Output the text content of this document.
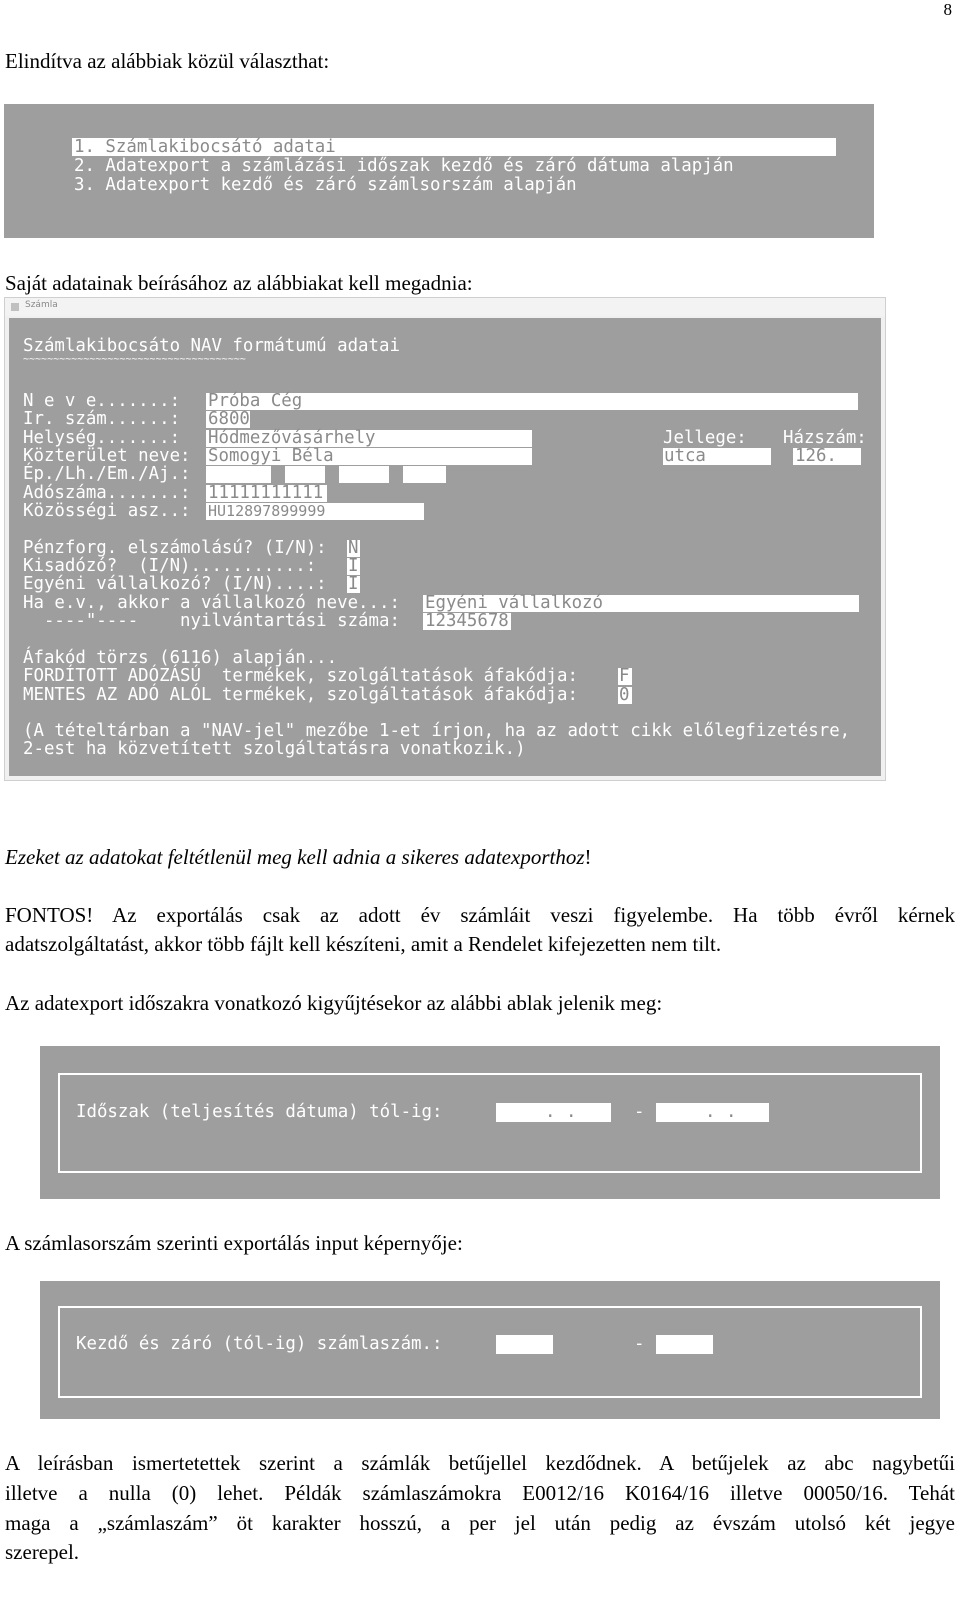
8
Elindítva az alábbiak közül választhat:
1. Számlakibocsátó adatai
2. Adatexport a számlázási időszak kezdő és záró dátuma alapján
3. Adatexport kezdő és záró számlsorszám alapján
Saját adatainak beírásához az alábbiakat kell megadnia:
Számla
Számlakibocsáto NAV formátumú adatai
~~~~~~~~~~~~~~~~~~~~~~~~~~~~~~~~~~~~~
N e v e.......: Próba Cég
Ir. szám......: 6800
Helység.......: Hódmezővásárhely	Jellege: Házszám:
Közterület neve: Somogyi Béla	utca	126.
Ép./Lh./Em./Aj.:
Adószáma.......: 11111111111
Közösségi asz..: HU12897899999
Pénzforg. elszámolású? (I/N): N
Kisadózó?  (I/N)...........: I
Egyéni vállalkozó? (I/N)....: I
Ha e.v., akkor a vállalkozó neve...: Egyéni vállalkozó
----"----    nyilvántartási száma: 12345678
Áfakód törzs (6116) alapján...
FORDÍTOTT ADÓZÁSÚ  termékek, szolgáltatások áfakódja: F
MENTES AZ ADÓ ALÓL termékek, szolgáltatások áfakódja: 0
(A tételtárban a "NAV-jel" mezőbe 1-et írjon, ha az adott cikk előlegfizetésre,
2-est ha közvetített szolgáltatásra vonatkozik.)
Ezeket az adatokat feltétlenül meg kell adnia a sikeres adatexporthoz!
FONTOS! Az exportálás csak az adott év számláit veszi figyelembe. Ha több évről kérnek
adatszolgáltatást, akkor több fájlt kell készíteni, amit a Rendelet kifejezetten nem tilt.
Az adatexport időszakra vonatkozó kigyűjtésekor az alábbi ablak jelenik meg:
Időszak (teljesítés dátuma) tól-ig:	. .	-	. .
A számlasorszám szerinti exportálás input képernyője:
Kezdő és záró (tól-ig) számlaszám.:	-
A leírásban ismertetettek szerint a számlák betűjellel kezdődnek. A betűjelek az abc nagybetűi
illetve a nulla (0) lehet. Példák számlaszámokra E0012/16 K0164/16 illetve 00050/16. Tehát
maga a „számlaszám” öt karakter hosszú, a per jel után pedig az évszám utolsó két jegye
szerepel.
